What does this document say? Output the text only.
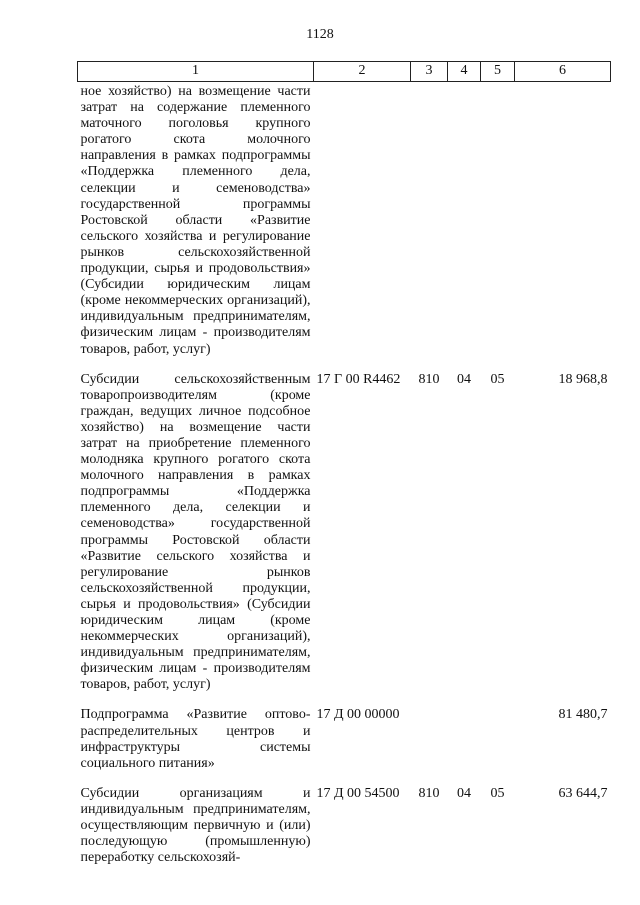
1128
1	2	3	4	5	6
ное хозяйство) на возмещение части затрат на содержание племенного маточного поголовья крупного рогатого скота молочного направления в рамках подпрограммы «Поддержка племенного дела, селекции и семеноводства» государственной программы Ростовской области «Развитие сельского хозяйства и регулирование рынков сельскохозяйственной продукции, сырья и продовольствия» (Субсидии юридическим лицам (кроме некоммерческих организаций), индивидуальным предпринимателям, физическим лицам - производителям товаров, работ, услуг)					
Субсидии сельскохозяйственным товаропроизводителям (кроме граждан, ведущих личное подсобное хозяйство) на возмещение части затрат на приобретение племенного молодняка крупного рогатого скота молочного направления в рамках подпрограммы «Поддержка племенного дела, селекции и семеноводства» государственной программы Ростовской области «Развитие сельского хозяйства и регулирование рынков сельскохозяйственной продукции, сырья и продовольствия» (Субсидии юридическим лицам (кроме некоммерческих организаций), индивидуальным предпринимателям, физическим лицам - производителям товаров, работ, услуг)	17 Г 00 R4462	810	04	05	18 968,8
Подпрограмма «Развитие оптово-распределительных центров и инфраструктуры системы социального питания»	17 Д 00 00000				81 480,7
Субсидии организациям и индивидуальным предпринимателям, осуществляющим первичную и (или) последующую (промышленную) переработку сельскохозяй-	17 Д 00 54500	810	04	05	63 644,7
